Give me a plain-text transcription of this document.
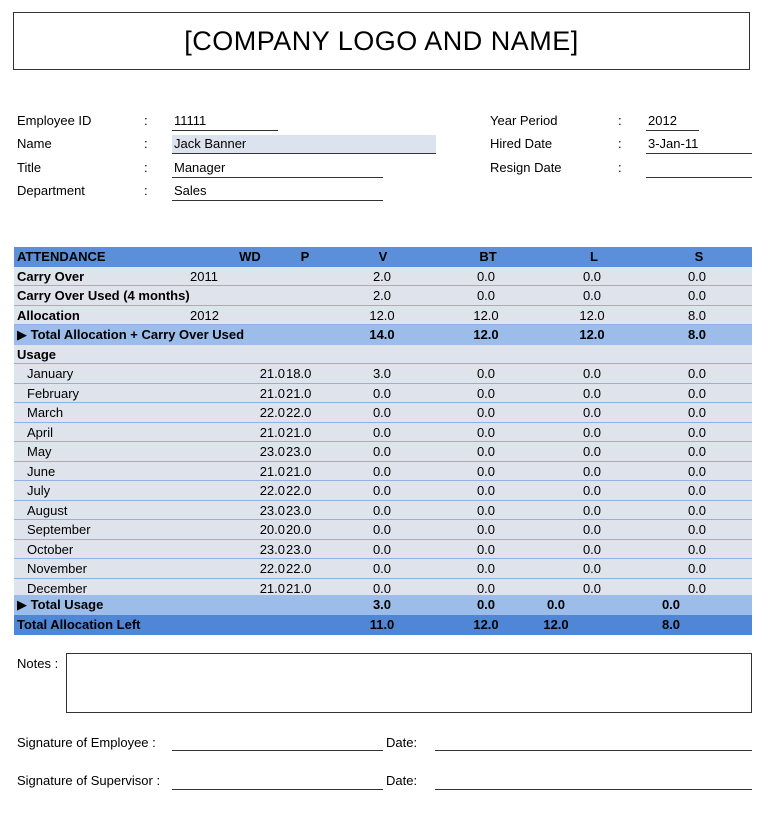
[COMPANY LOGO AND NAME]
Employee ID	: 11111
Name	: Jack Banner
Title	: Manager
Department	: Sales
Year Period	: 2012
Hired Date	: 3-Jan-11
Resign Date	:
ATTENDANCE	WD	P	V	BT	L	S
Carry Over	2011	2.0	0.0	0.0	0.0
Carry Over Used (4 months)	2.0	0.0	0.0	0.0
Allocation	2012	12.0	12.0	12.0	8.0
▶ Total Allocation + Carry Over Used	14.0	12.0	12.0	8.0
Usage
January	21.0 18.0	3.0	0.0	0.0	0.0
February	21.0 21.0	0.0	0.0	0.0	0.0
March	22.0 22.0	0.0	0.0	0.0	0.0
April	21.0 21.0	0.0	0.0	0.0	0.0
May	23.0 23.0	0.0	0.0	0.0	0.0
June	21.0 21.0	0.0	0.0	0.0	0.0
July	22.0 22.0	0.0	0.0	0.0	0.0
August	23.0 23.0	0.0	0.0	0.0	0.0
September	20.0 20.0	0.0	0.0	0.0	0.0
October	23.0 23.0	0.0	0.0	0.0	0.0
November	22.0 22.0	0.0	0.0	0.0	0.0
December	21.0 21.0	0.0	0.0	0.0	0.0
▶ Total Usage	3.0	0.0	0.0	0.0
Total Allocation Left	11.0	12.0	12.0	8.0
Notes :
Signature of Employee :	Date:
Signature of Supervisor :	Date:
